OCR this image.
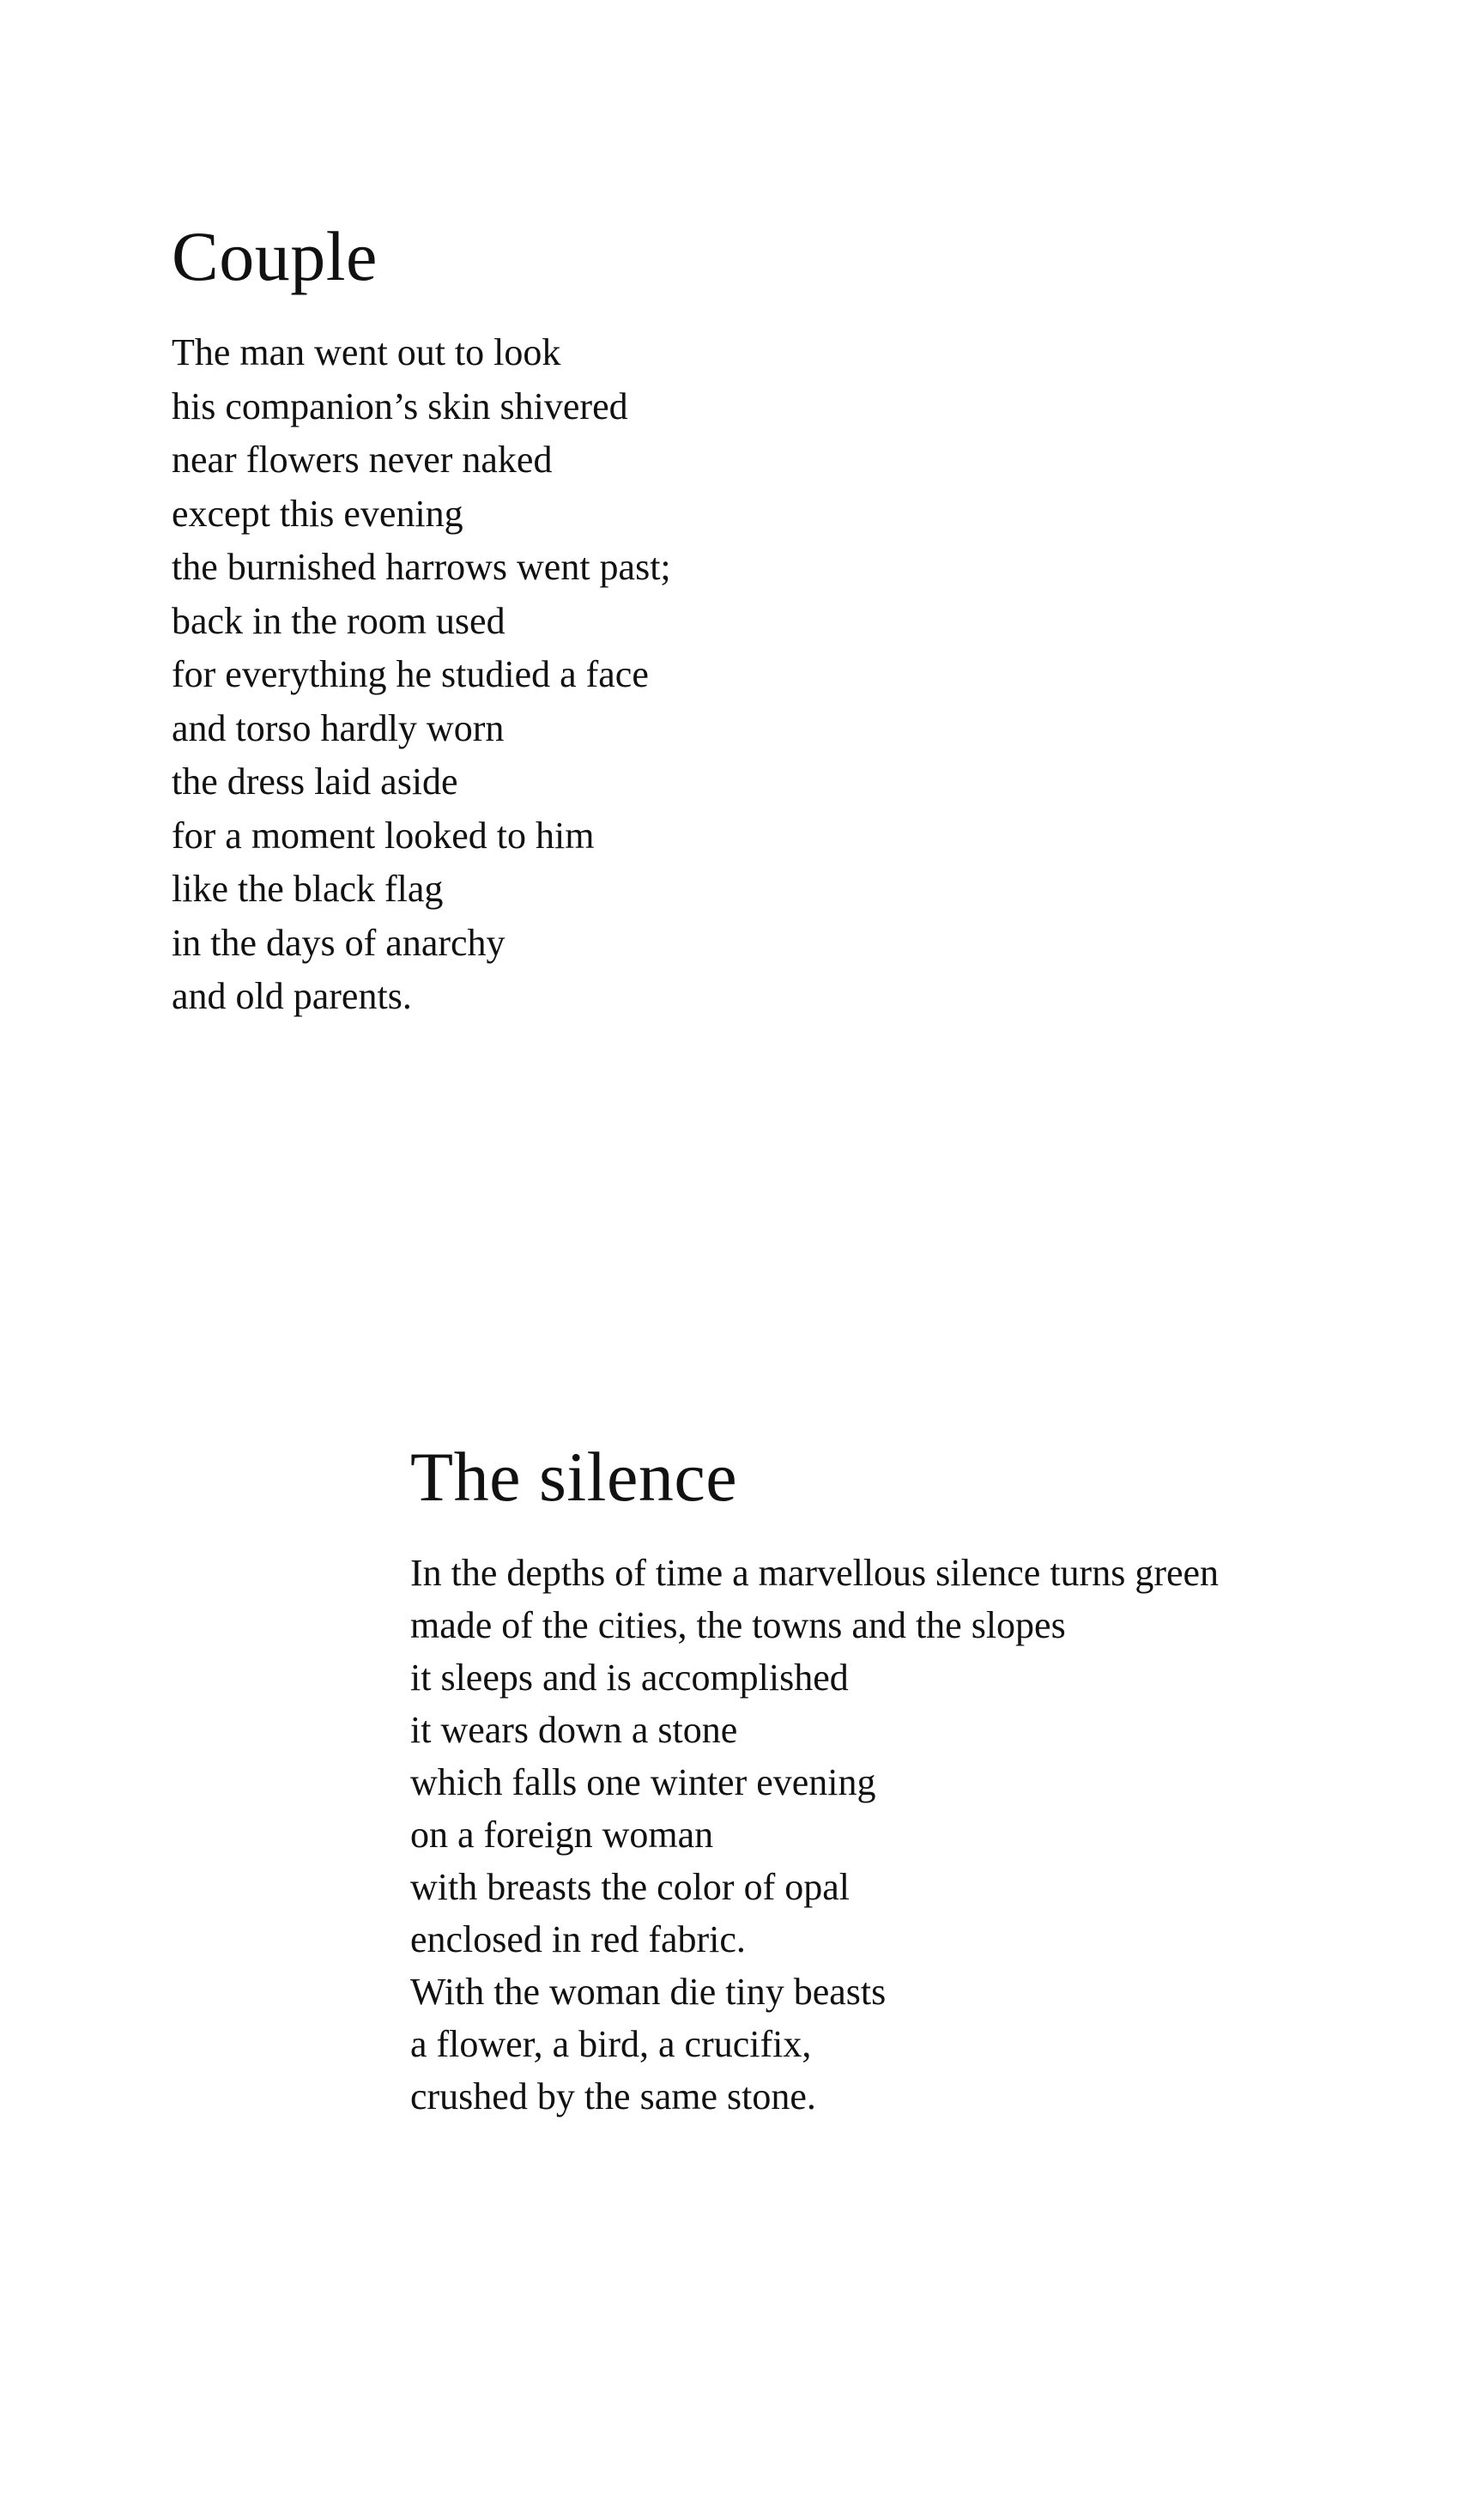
Couple
The man went out to look
his companion’s skin shivered
near flowers never naked
except this evening
the burnished harrows went past;
back in the room used
for everything he studied a face
and torso hardly worn
the dress laid aside
for a moment looked to him
like the black flag
in the days of anarchy
and old parents.
The silence
In the depths of time a marvellous silence turns green
made of the cities, the towns and the slopes
it sleeps and is accomplished
it wears down a stone
which falls one winter evening
on a foreign woman
with breasts the color of opal
enclosed in red fabric.
With the woman die tiny beasts
a flower, a bird, a crucifix,
crushed by the same stone.
